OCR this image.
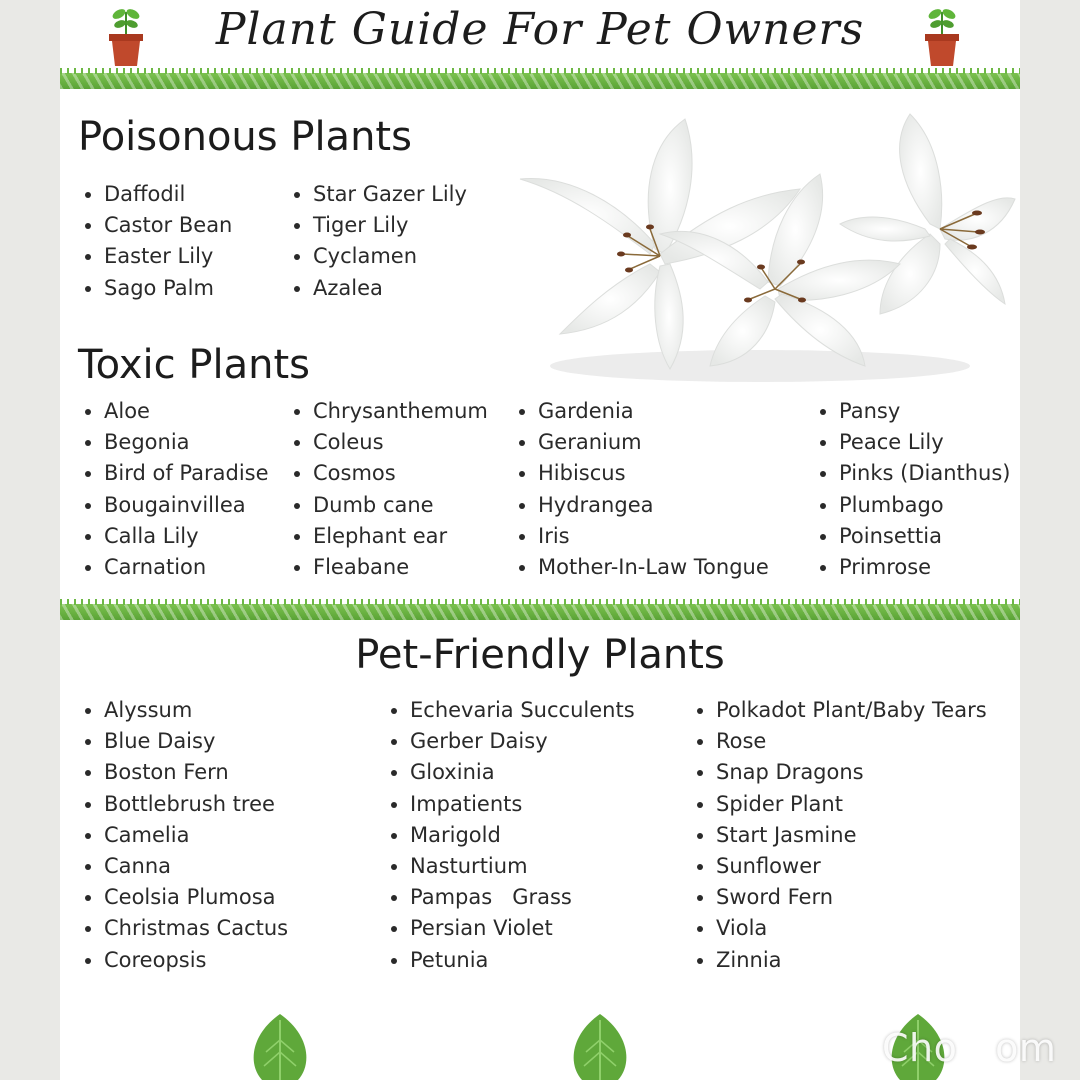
Plant Guide For Pet Owners
Poisonous Plants
Daffodil
Castor Bean
Easter Lily
Sago Palm
Star Gazer Lily
Tiger Lily
Cyclamen
Azalea
Toxic Plants
Aloe
Begonia
Bird of Paradise
Bougainvillea
Calla Lily
Carnation
Chrysanthemum
Coleus
Cosmos
Dumb cane
Elephant ear
Fleabane
Gardenia
Geranium
Hibiscus
Hydrangea
Iris
Mother-In-Law Tongue
Pansy
Peace Lily
Pinks (Dianthus)
Plumbago
Poinsettia
Primrose
Pet-Friendly Plants
Alyssum
Blue Daisy
Boston Fern
Bottlebrush tree
Camelia
Canna
Ceolsia Plumosa
Christmas Cactus
Coreopsis
Echevaria Succulents
Gerber Daisy
Gloxinia
Impatients
Marigold
Nasturtium
Pampas   Grass
Persian Violet
Petunia
Polkadot Plant/Baby Tears
Rose
Snap Dragons
Spider Plant
Start Jasmine
Sunflower
Sword Fern
Viola
Zinnia
Cho   om
